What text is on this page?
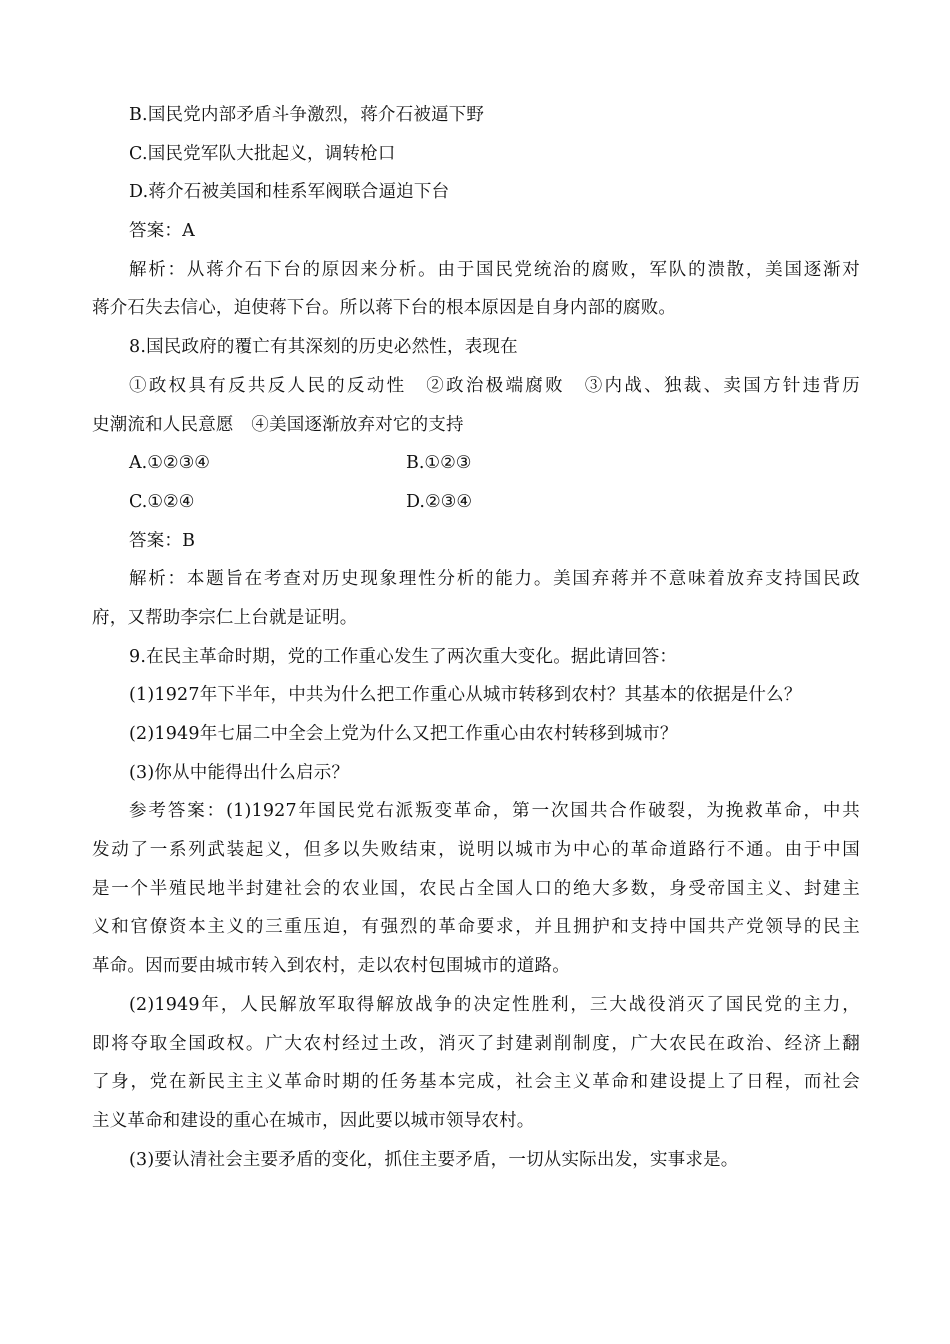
B.国民党内部矛盾斗争激烈，蒋介石被逼下野
C.国民党军队大批起义，调转枪口
D.蒋介石被美国和桂系军阀联合逼迫下台
答案：A
解析：从蒋介石下台的原因来分析。由于国民党统治的腐败，军队的溃散，美国逐渐对
蒋介石失去信心，迫使蒋下台。所以蒋下台的根本原因是自身内部的腐败。
8.国民政府的覆亡有其深刻的历史必然性，表现在
①政权具有反共反人民的反动性　②政治极端腐败　③内战、独裁、卖国方针违背历
史潮流和人民意愿　④美国逐渐放弃对它的支持
A.①②③④	B.①②③
C.①②④	D.②③④
答案：B
解析：本题旨在考查对历史现象理性分析的能力。美国弃蒋并不意味着放弃支持国民政
府，又帮助李宗仁上台就是证明。
9.在民主革命时期，党的工作重心发生了两次重大变化。据此请回答：
(1)1927年下半年，中共为什么把工作重心从城市转移到农村？其基本的依据是什么？
(2)1949年七届二中全会上党为什么又把工作重心由农村转移到城市？
(3)你从中能得出什么启示？
参考答案：(1)1927年国民党右派叛变革命，第一次国共合作破裂，为挽救革命，中共
发动了一系列武装起义，但多以失败结束，说明以城市为中心的革命道路行不通。由于中国
是一个半殖民地半封建社会的农业国，农民占全国人口的绝大多数，身受帝国主义、封建主
义和官僚资本主义的三重压迫，有强烈的革命要求，并且拥护和支持中国共产党领导的民主
革命。因而要由城市转入到农村，走以农村包围城市的道路。
(2)1949年，人民解放军取得解放战争的决定性胜利，三大战役消灭了国民党的主力，
即将夺取全国政权。广大农村经过土改，消灭了封建剥削制度，广大农民在政治、经济上翻
了身，党在新民主主义革命时期的任务基本完成，社会主义革命和建设提上了日程，而社会
主义革命和建设的重心在城市，因此要以城市领导农村。
(3)要认清社会主要矛盾的变化，抓住主要矛盾，一切从实际出发，实事求是。
